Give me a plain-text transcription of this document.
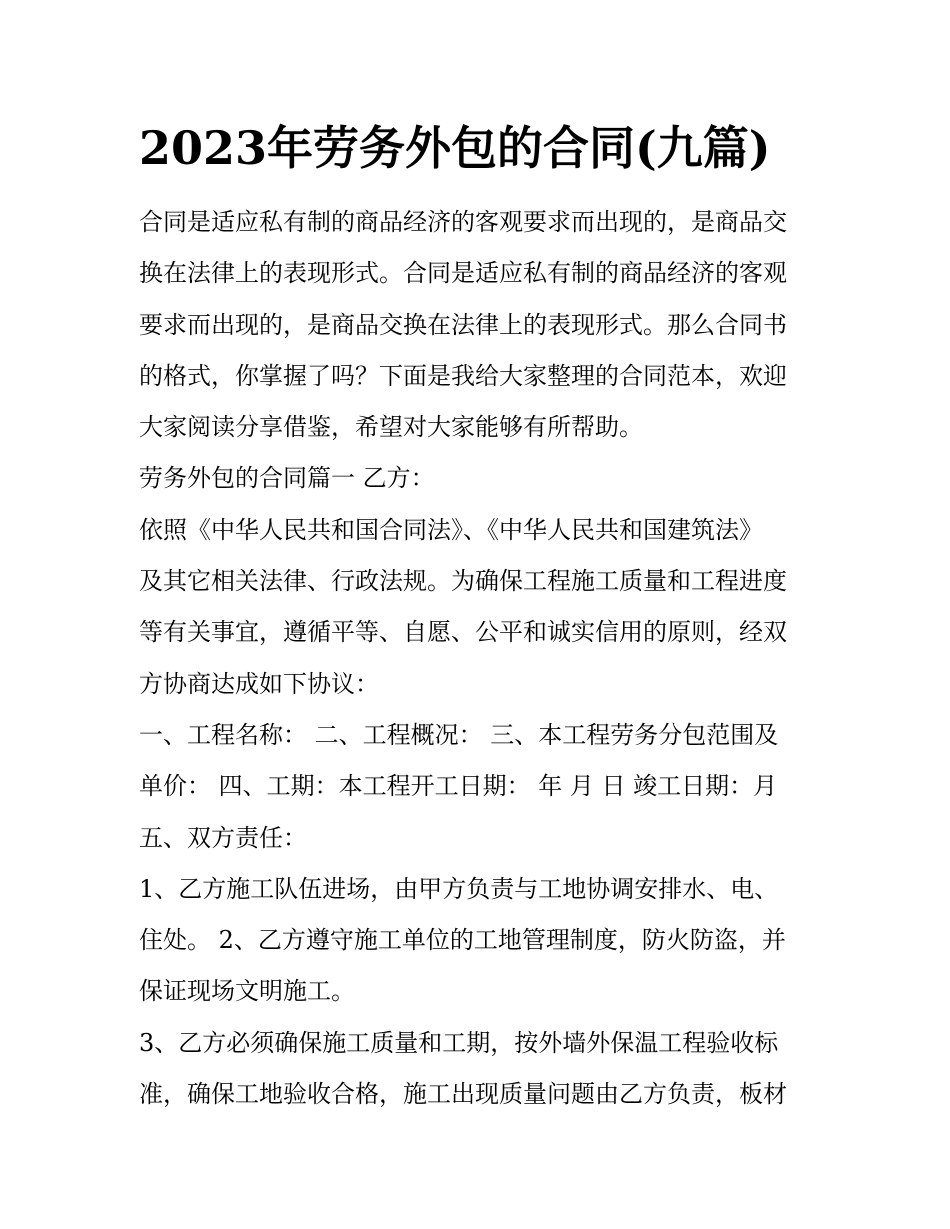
2023年劳务外包的合同(九篇)
合同是适应私有制的商品经济的客观要求而出现的，是商品交
换在法律上的表现形式。合同是适应私有制的商品经济的客观
要求而出现的，是商品交换在法律上的表现形式。那么合同书
的格式，你掌握了吗？下面是我给大家整理的合同范本，欢迎
大家阅读分享借鉴，希望对大家能够有所帮助。
劳务外包的合同篇一 乙方：
依照《中华人民共和国合同法》、《中华人民共和国建筑法》
及其它相关法律、行政法规。为确保工程施工质量和工程进度
等有关事宜，遵循平等、自愿、公平和诚实信用的原则，经双
方协商达成如下协议：
一、工程名称： 二、工程概况： 三、本工程劳务分包范围及
单价： 四、工期：本工程开工日期： 年 月 日 竣工日期：月
五、双方责任：
1、乙方施工队伍进场，由甲方负责与工地协调安排水、电、
住处。 2、乙方遵守施工单位的工地管理制度，防火防盗，并
保证现场文明施工。
3、乙方必须确保施工质量和工期，按外墙外保温工程验收标
准，确保工地验收合格，施工出现质量问题由乙方负责，板材
